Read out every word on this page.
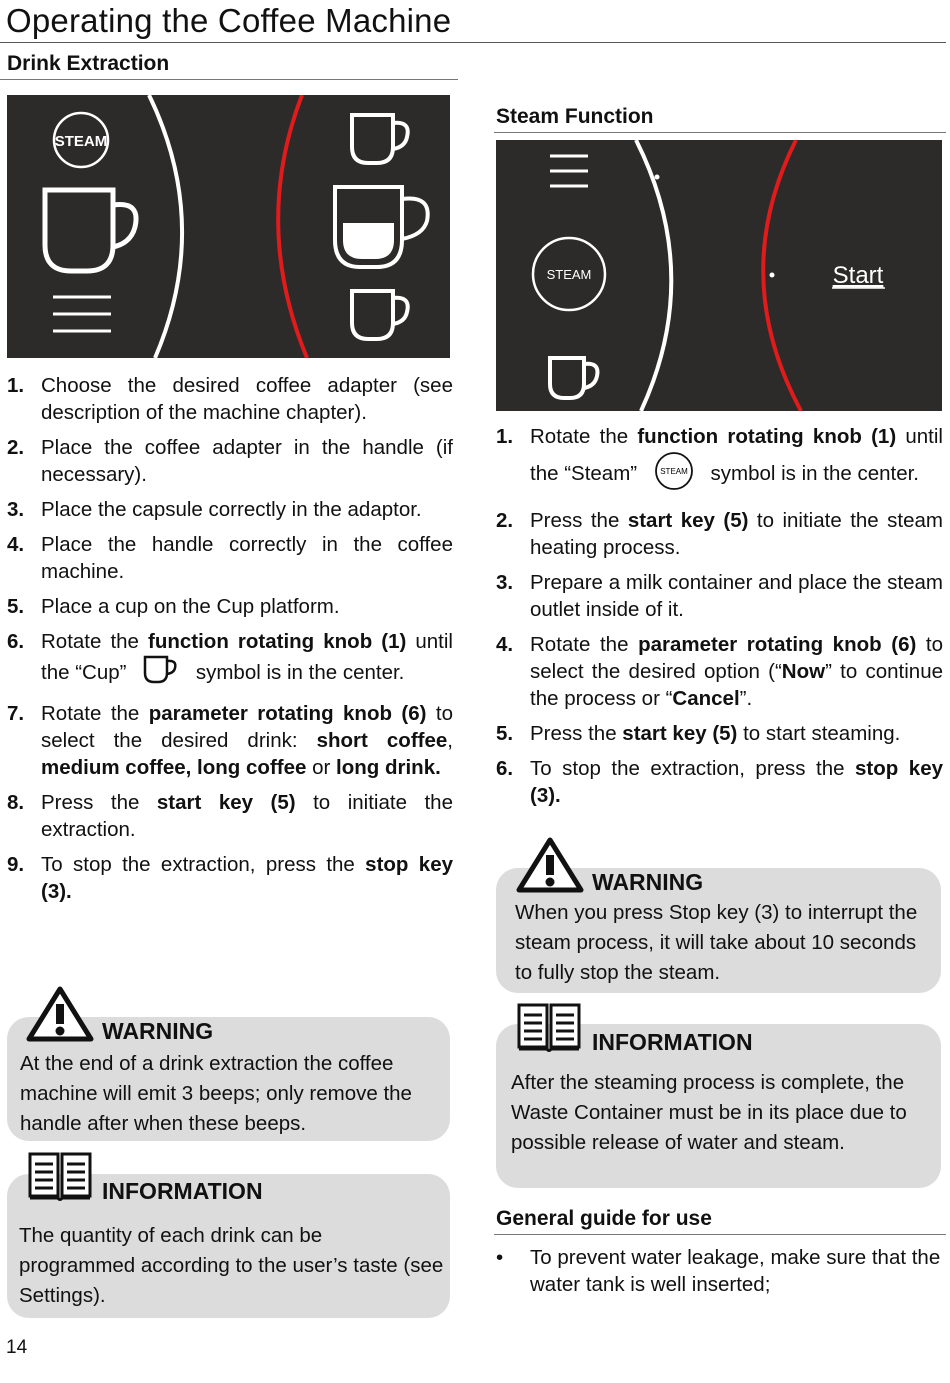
Operating the Coffee Machine
Drink Extraction
STEAM
1. Choose the desired coffee adapter (see description of the machine chapter).
2. Place the coffee adapter in the handle (if necessary).
3. Place the capsule correctly in the adaptor.
4. Place the handle correctly in the coffee machine.
5. Place a cup on the Cup platform.
6. Rotate the function rotating knob (1) until the “Cup”	symbol is in the center.
7. Rotate the parameter rotating knob (6) to select the desired drink: short coffee, medium coffee, long coffee or long drink.
8. Press the start key (5) to initiate the extraction.
9. To stop the extraction, press the stop key (3).
WARNING
At the end of a drink extraction the coffee machine will emit 3 beeps; only remove the handle after when these beeps.
INFORMATION
The quantity of each drink can be programmed according to the user’s taste (see Settings).
Steam Function
STEAM	Start
1. Rotate the function rotating knob (1) until the “Steam” STEAM symbol is in the center.
2. Press the start key (5) to initiate the steam heating process.
3. Prepare a milk container and place the steam outlet inside of it.
4. Rotate the parameter rotating knob (6) to select the desired option (“Now” to continue the process or “Cancel”.
5. Press the start key (5) to start steaming.
6. To stop the extraction, press the stop key (3).
WARNING
When you press Stop key (3) to interrupt the steam process, it will take about 10 seconds to fully stop the steam.
INFORMATION
After the steaming process is complete, the Waste Container must be in its place due to possible release of water and steam.
General guide for use
• To prevent water leakage, make sure that the water tank is well inserted;
14
